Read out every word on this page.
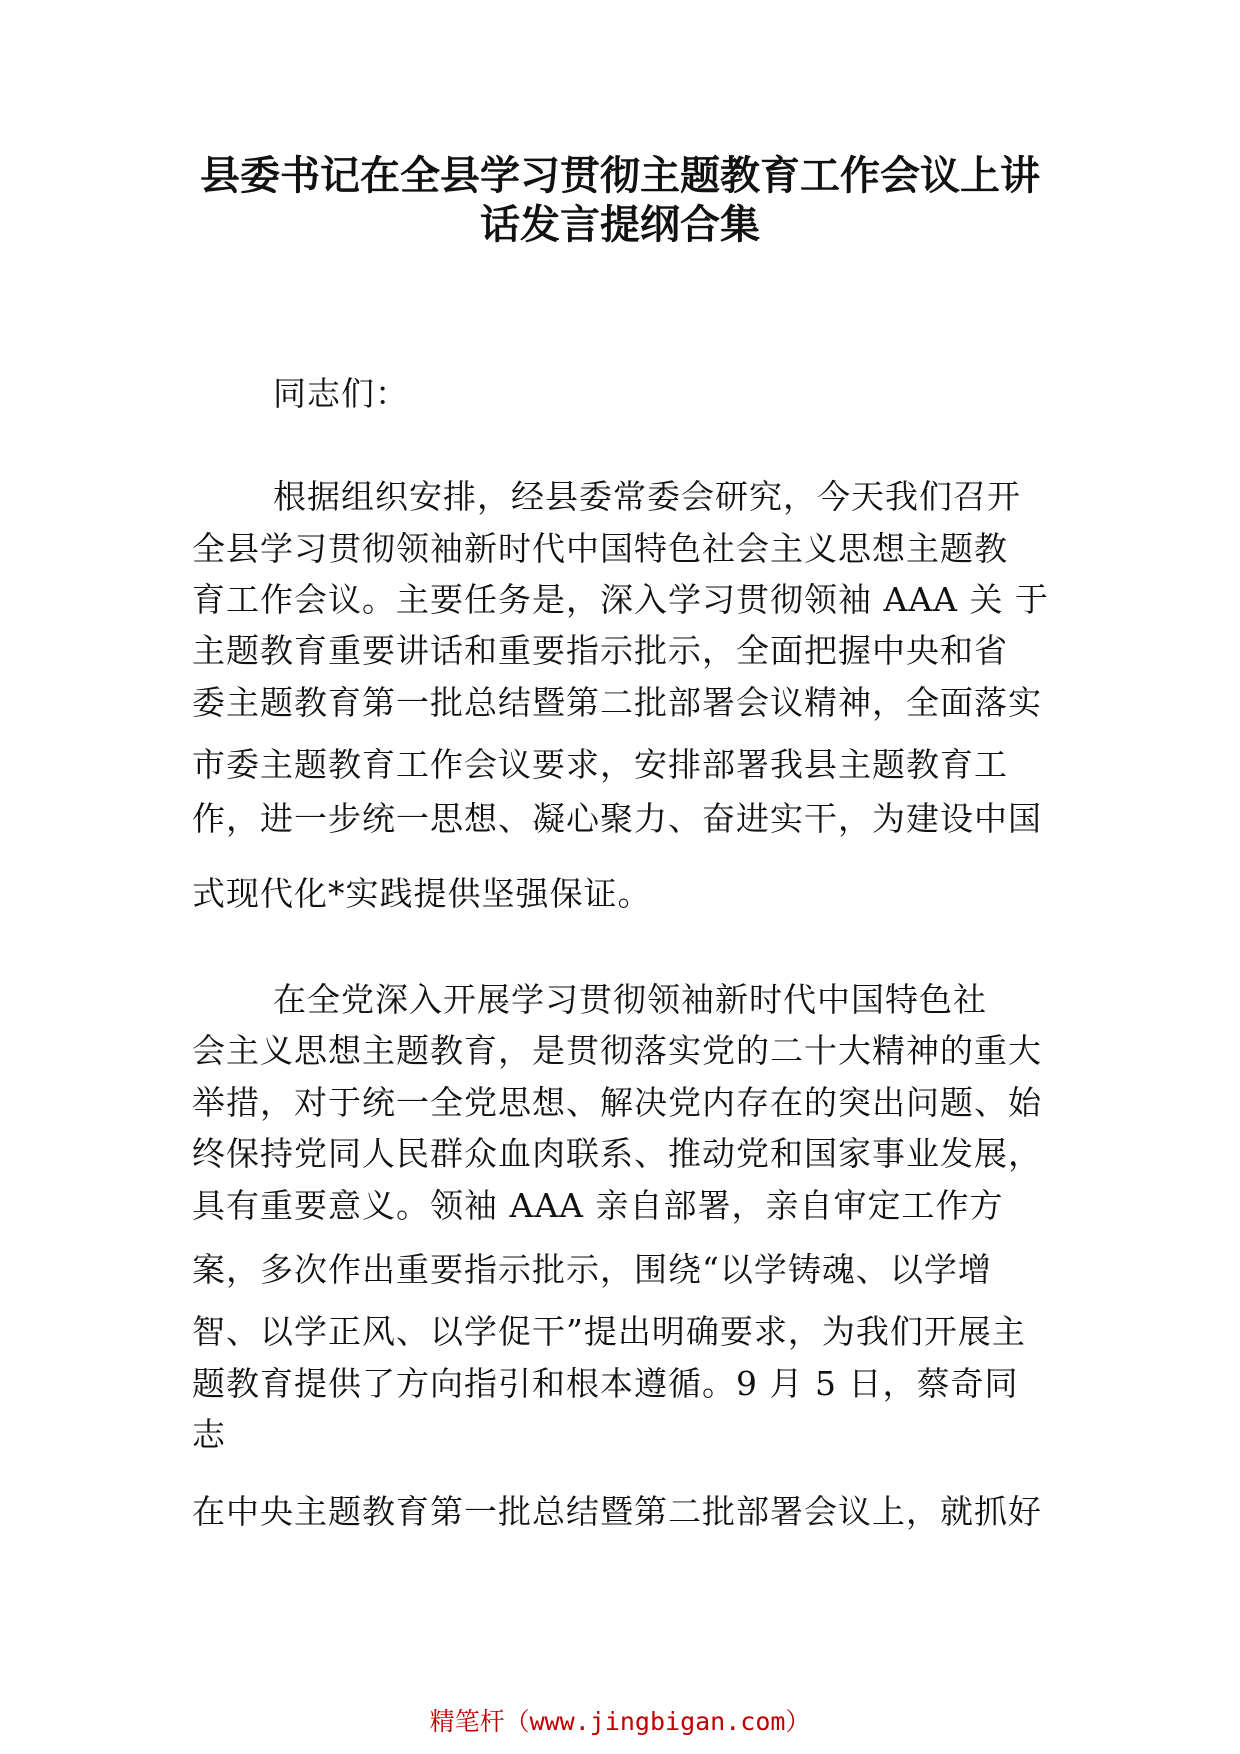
县委书记在全县学习贯彻主题教育工作会议上讲
话发言提纲合集
同志们：
根据组织安排，经县委常委会研究，今天我们召开
全县学习贯彻领袖新时代中国特色社会主义思想主题教
育工作会议。主要任务是，深入学习贯彻领袖 AAA 关 于
主题教育重要讲话和重要指示批示，全面把握中央和省
委主题教育第一批总结暨第二批部署会议精神，全面落实
市委主题教育工作会议要求，安排部署我县主题教育工
作，进一步统一思想、凝心聚力、奋进实干，为建设中国
式现代化*实践提供坚强保证。
在全党深入开展学习贯彻领袖新时代中国特色社
会主义思想主题教育，是贯彻落实党的二十大精神的重大
举措，对于统一全党思想、解决党内存在的突出问题、始
终保持党同人民群众血肉联系、推动党和国家事业发展，
具有重要意义。领袖 AAA 亲自部署，亲自审定工作方
案，多次作出重要指示批示，围绕“以学铸魂、以学增
智、以学正风、以学促干”提出明确要求，为我们开展主
题教育提供了方向指引和根本遵循。9 月 5 日，蔡奇同
志
在中央主题教育第一批总结暨第二批部署会议上，就抓好
精笔杆（www.jingbigan.com）
